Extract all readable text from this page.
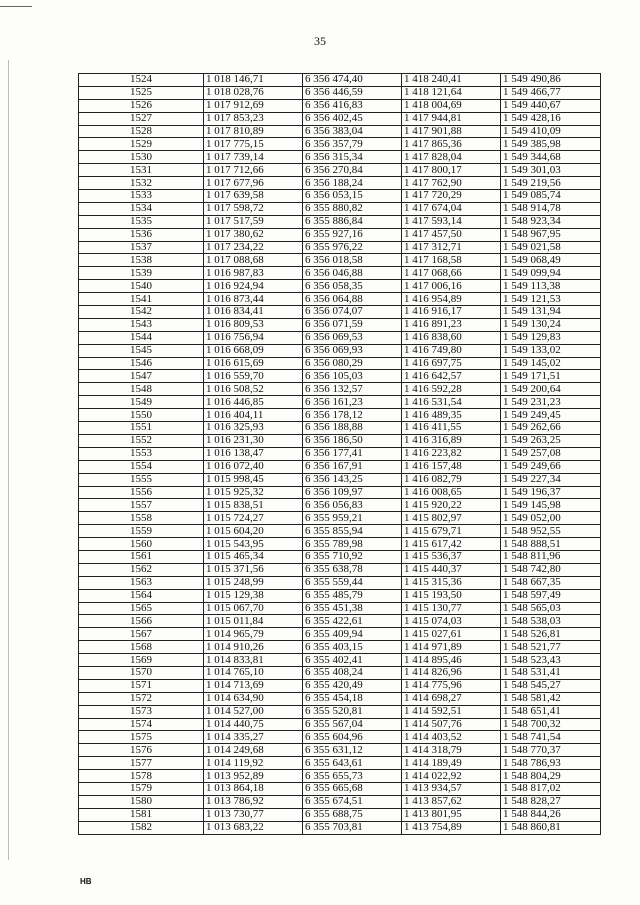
35
1524	1 018 146,71	6 356 474,40	1 418 240,41	1 549 490,86
1525	1 018 028,76	6 356 446,59	1 418 121,64	1 549 466,77
1526	1 017 912,69	6 356 416,83	1 418 004,69	1 549 440,67
1527	1 017 853,23	6 356 402,45	1 417 944,81	1 549 428,16
1528	1 017 810,89	6 356 383,04	1 417 901,88	1 549 410,09
1529	1 017 775,15	6 356 357,79	1 417 865,36	1 549 385,98
1530	1 017 739,14	6 356 315,34	1 417 828,04	1 549 344,68
1531	1 017 712,66	6 356 270,84	1 417 800,17	1 549 301,03
1532	1 017 677,96	6 356 188,24	1 417 762,90	1 549 219,56
1533	1 017 639,58	6 356 053,15	1 417 720,29	1 549 085,74
1534	1 017 598,72	6 355 880,82	1 417 674,04	1 548 914,78
1535	1 017 517,59	6 355 886,84	1 417 593,14	1 548 923,34
1536	1 017 380,62	6 355 927,16	1 417 457,50	1 548 967,95
1537	1 017 234,22	6 355 976,22	1 417 312,71	1 549 021,58
1538	1 017 088,68	6 356 018,58	1 417 168,58	1 549 068,49
1539	1 016 987,83	6 356 046,88	1 417 068,66	1 549 099,94
1540	1 016 924,94	6 356 058,35	1 417 006,16	1 549 113,38
1541	1 016 873,44	6 356 064,88	1 416 954,89	1 549 121,53
1542	1 016 834,41	6 356 074,07	1 416 916,17	1 549 131,94
1543	1 016 809,53	6 356 071,59	1 416 891,23	1 549 130,24
1544	1 016 756,94	6 356 069,53	1 416 838,60	1 549 129,83
1545	1 016 668,09	6 356 069,93	1 416 749,80	1 549 133,02
1546	1 016 615,69	6 356 080,29	1 416 697,75	1 549 145,02
1547	1 016 559,70	6 356 105,03	1 416 642,57	1 549 171,51
1548	1 016 508,52	6 356 132,57	1 416 592,28	1 549 200,64
1549	1 016 446,85	6 356 161,23	1 416 531,54	1 549 231,23
1550	1 016 404,11	6 356 178,12	1 416 489,35	1 549 249,45
1551	1 016 325,93	6 356 188,88	1 416 411,55	1 549 262,66
1552	1 016 231,30	6 356 186,50	1 416 316,89	1 549 263,25
1553	1 016 138,47	6 356 177,41	1 416 223,82	1 549 257,08
1554	1 016 072,40	6 356 167,91	1 416 157,48	1 549 249,66
1555	1 015 998,45	6 356 143,25	1 416 082,79	1 549 227,34
1556	1 015 925,32	6 356 109,97	1 416 008,65	1 549 196,37
1557	1 015 838,51	6 356 056,83	1 415 920,22	1 549 145,98
1558	1 015 724,27	6 355 959,21	1 415 802,97	1 549 052,00
1559	1 015 604,20	6 355 855,94	1 415 679,71	1 548 952,55
1560	1 015 543,95	6 355 789,98	1 415 617,42	1 548 888,51
1561	1 015 465,34	6 355 710,92	1 415 536,37	1 548 811,96
1562	1 015 371,56	6 355 638,78	1 415 440,37	1 548 742,80
1563	1 015 248,99	6 355 559,44	1 415 315,36	1 548 667,35
1564	1 015 129,38	6 355 485,79	1 415 193,50	1 548 597,49
1565	1 015 067,70	6 355 451,38	1 415 130,77	1 548 565,03
1566	1 015 011,84	6 355 422,61	1 415 074,03	1 548 538,03
1567	1 014 965,79	6 355 409,94	1 415 027,61	1 548 526,81
1568	1 014 910,26	6 355 403,15	1 414 971,89	1 548 521,77
1569	1 014 833,81	6 355 402,41	1 414 895,46	1 548 523,43
1570	1 014 765,10	6 355 408,24	1 414 826,96	1 548 531,41
1571	1 014 713,69	6 355 420,49	1 414 775,96	1 548 545,27
1572	1 014 634,90	6 355 454,18	1 414 698,27	1 548 581,42
1573	1 014 527,00	6 355 520,81	1 414 592,51	1 548 651,41
1574	1 014 440,75	6 355 567,04	1 414 507,76	1 548 700,32
1575	1 014 335,27	6 355 604,96	1 414 403,52	1 548 741,54
1576	1 014 249,68	6 355 631,12	1 414 318,79	1 548 770,37
1577	1 014 119,92	6 355 643,61	1 414 189,49	1 548 786,93
1578	1 013 952,89	6 355 655,73	1 414 022,92	1 548 804,29
1579	1 013 864,18	6 355 665,68	1 413 934,57	1 548 817,02
1580	1 013 786,92	6 355 674,51	1 413 857,62	1 548 828,27
1581	1 013 730,77	6 355 688,75	1 413 801,95	1 548 844,26
1582	1 013 683,22	6 355 703,81	1 413 754,89	1 548 860,81
НВ
